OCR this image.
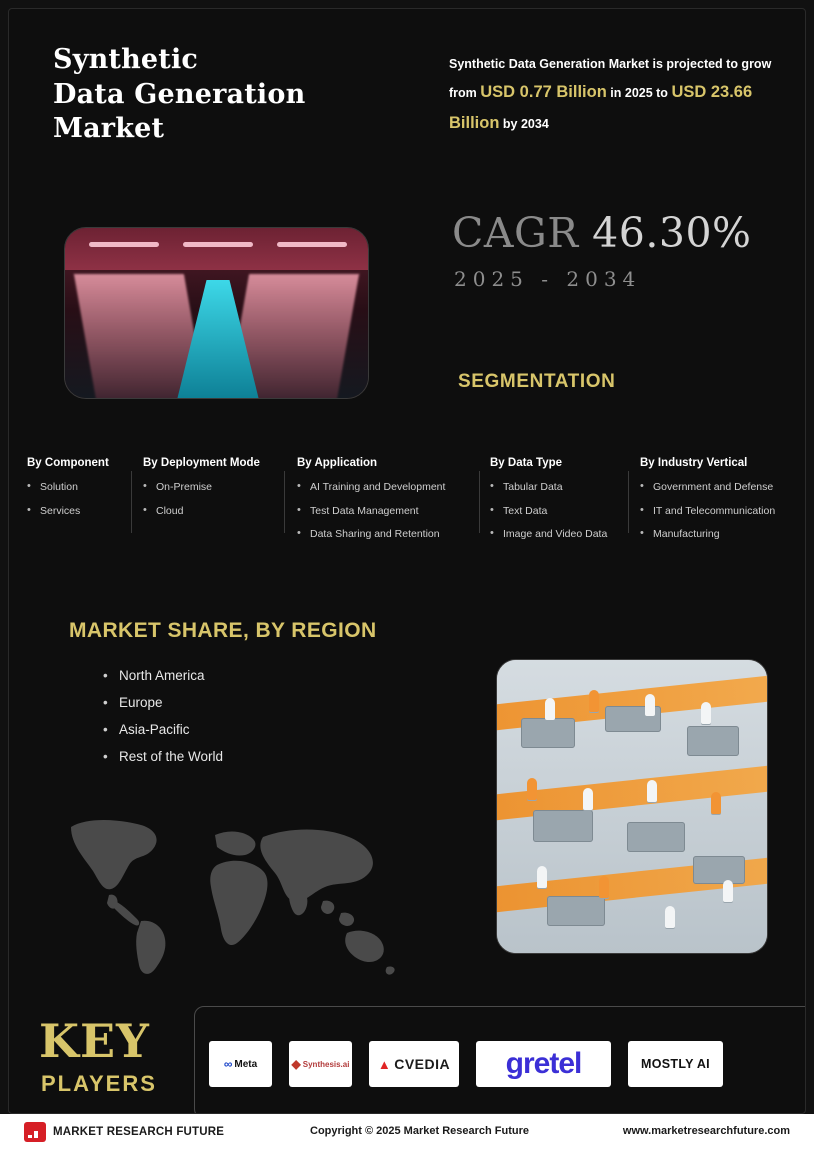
Synthetic
Data Generation
Market
Synthetic Data Generation Market is projected to grow from USD 0.77 Billion in 2025 to USD 23.66 Billion by 2034
CAGR 46.30%
2025 - 2034
SEGMENTATION
By Component
• Solution
• Services
By Deployment Mode
• On-Premise
• Cloud
By Application
• AI Training and Development
• Test Data Management
• Data Sharing and Retention
By Data Type
• Tabular Data
• Text Data
• Image and Video Data
By Industry Vertical
• Government and Defense
• IT and Telecommunication
• Manufacturing
MARKET SHARE, BY REGION
• North America
• Europe
• Asia-Pacific
• Rest of the World
KEY
PLAYERS
∞ Meta	◆ Synthesis.ai ▲ CVEDIA gretel	MOSTLY AI
MARKET RESEARCH FUTURE	Copyright © 2025 Market Research Future	www.marketresearchfuture.com
